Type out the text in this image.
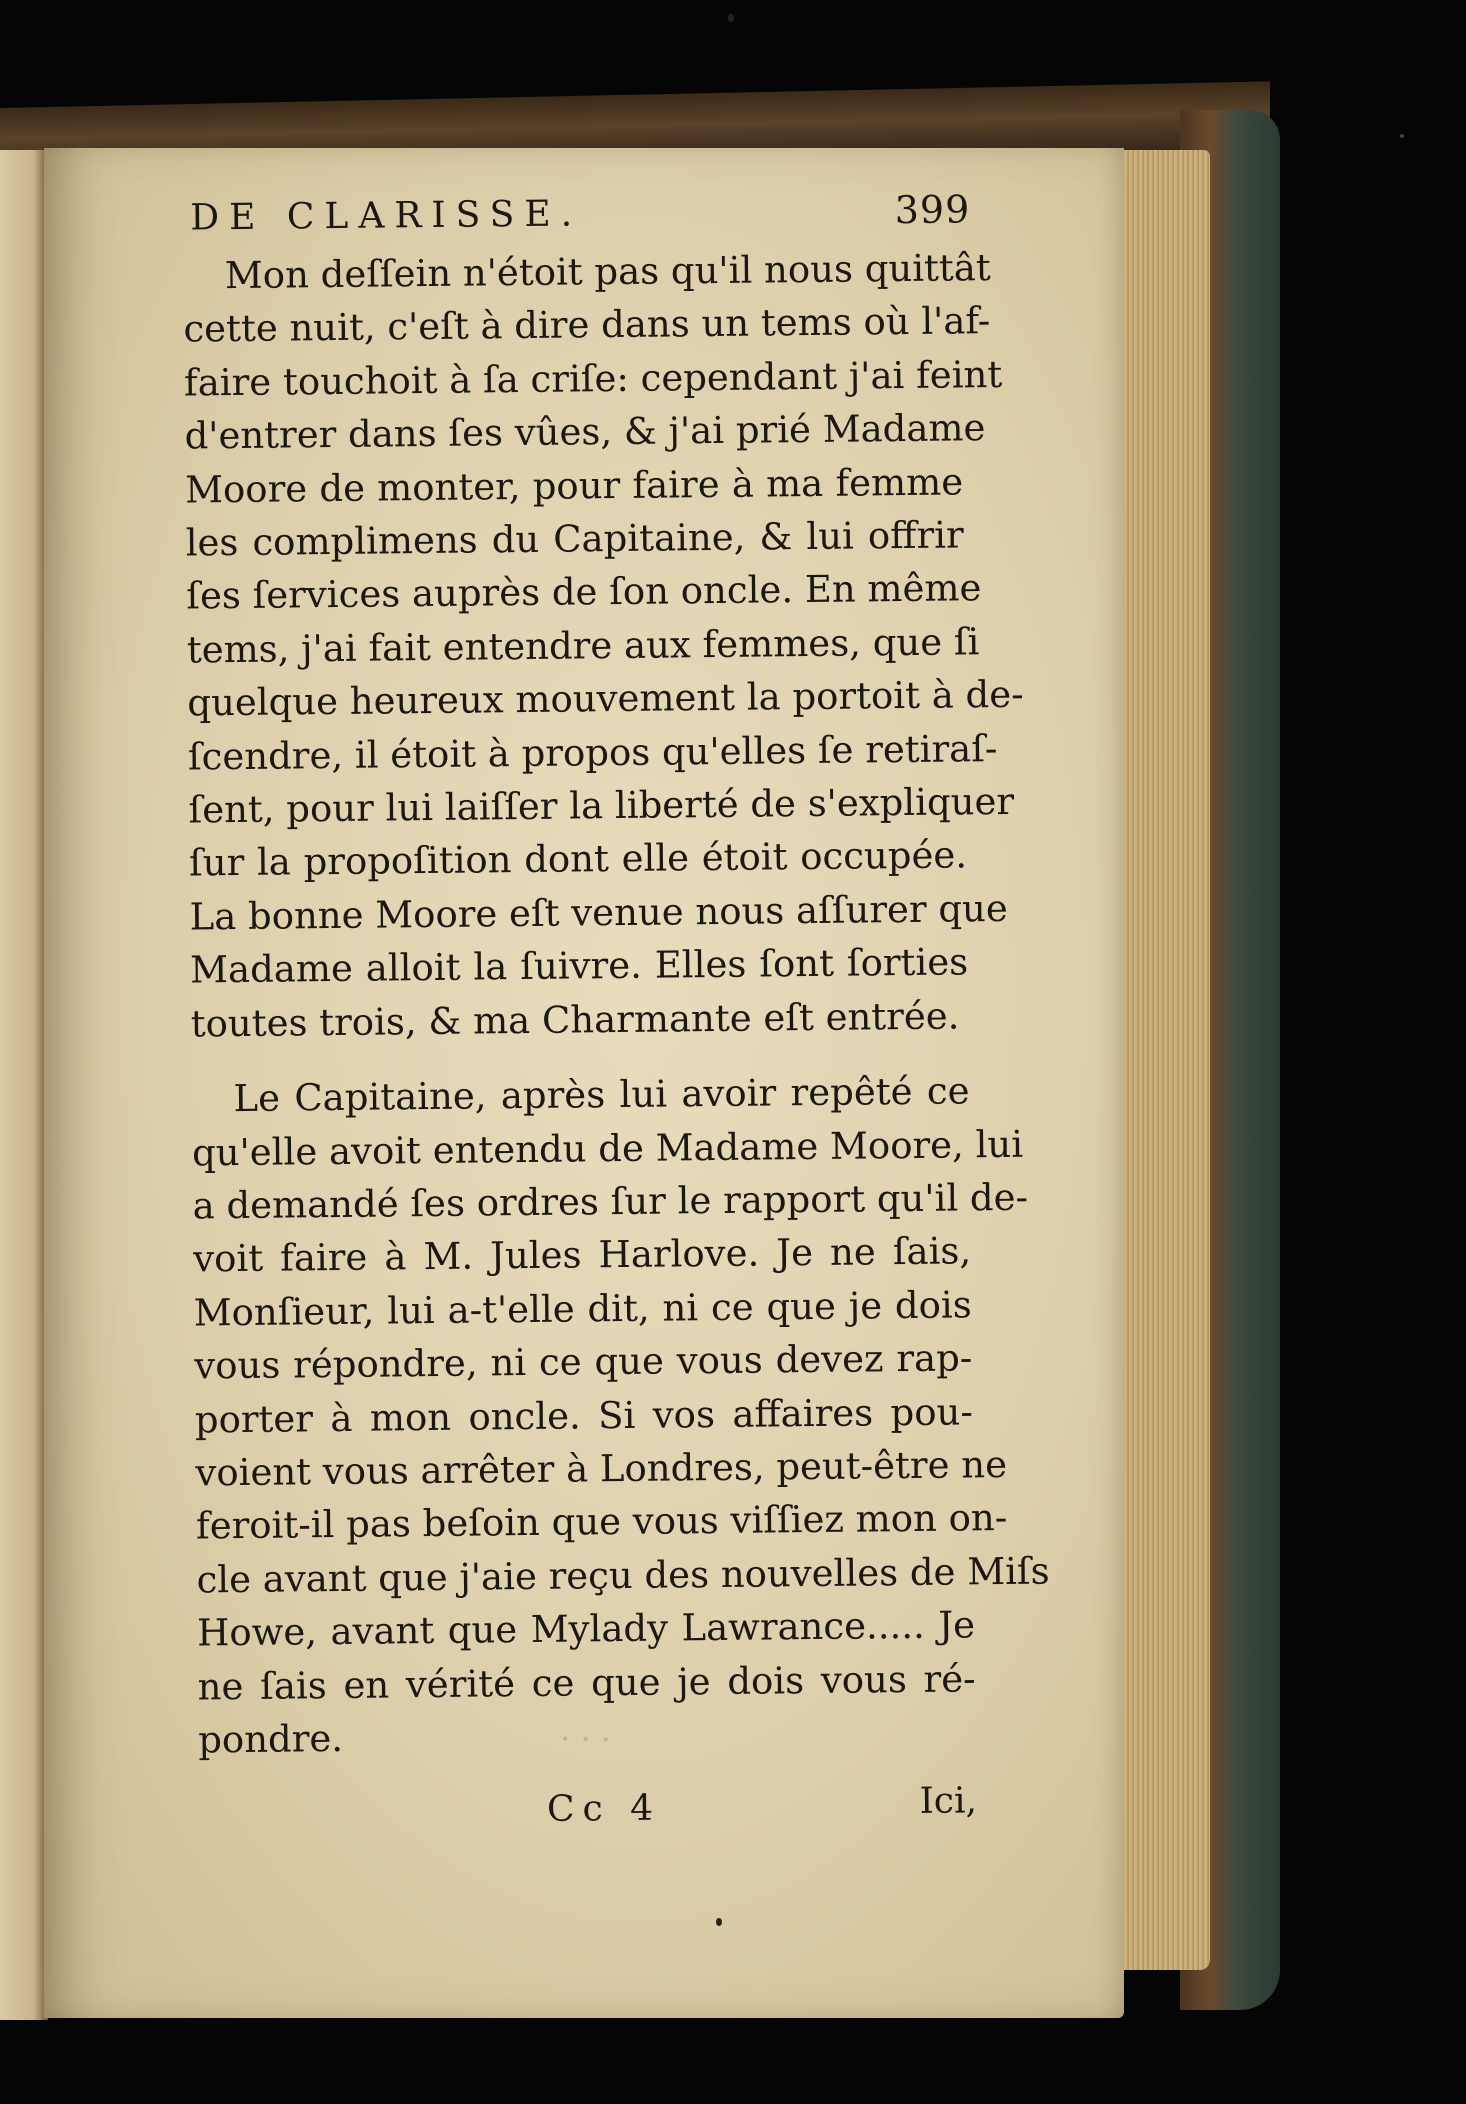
· · ·
DE CLARISSE.	399
Mon deſſein n'étoit pas qu'il nous quittât
cette nuit, c'eſt à dire dans un tems où l'af-
faire touchoit à ſa criſe: cependant j'ai feint
d'entrer dans ſes vûes, & j'ai prié Madame
Moore de monter, pour faire à ma femme
les complimens du Capitaine, & lui offrir
ſes ſervices auprès de ſon oncle. En même
tems, j'ai fait entendre aux femmes, que ſi
quelque heureux mouvement la portoit à de-
ſcendre, il étoit à propos qu'elles ſe retiraſ-
ſent, pour lui laiſſer la liberté de s'expliquer
ſur la propoſition dont elle étoit occupée.
La bonne Moore eſt venue nous aſſurer que
Madame alloit la ſuivre. Elles ſont ſorties
toutes trois, & ma Charmante eſt entrée.
Le Capitaine, après lui avoir repêté ce
qu'elle avoit entendu de Madame Moore, lui
a demandé ſes ordres ſur le rapport qu'il de-
voit faire à M. Jules Harlove. Je ne ſais,
Monſieur, lui a-t'elle dit, ni ce que je dois
vous répondre, ni ce que vous devez rap-
porter à mon oncle. Si vos affaires pou-
voient vous arrêter à Londres, peut-être ne
feroit-il pas beſoin que vous viſſiez mon on-
cle avant que j'aie reçu des nouvelles de Miſs
Howe, avant que Mylady Lawrance..... Je
ne ſais en vérité ce que je dois vous ré-
pondre.
Cc 4	Ici,
